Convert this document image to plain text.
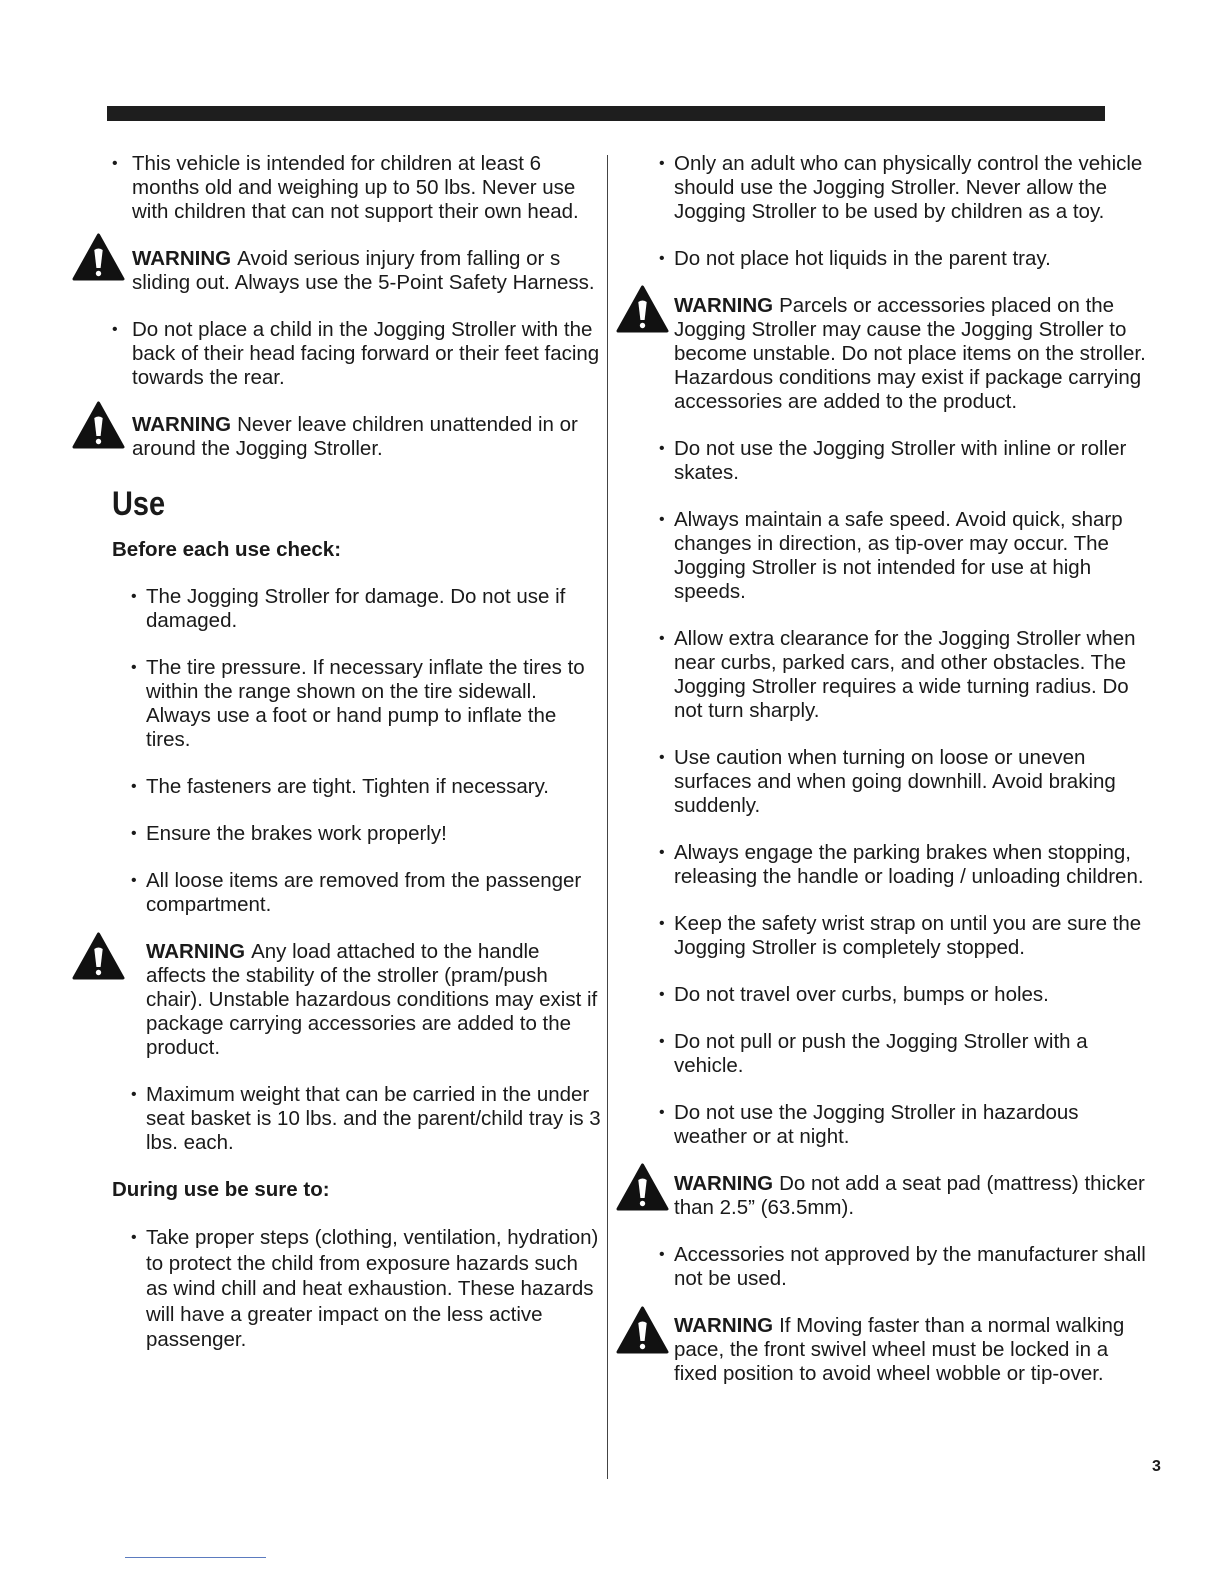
• This vehicle is intended for children at least 6 months old and weighing up to 50 lbs. Never use with children that can not support their own head.

WARNING Avoid serious injury from falling or s sliding out. Always use the 5-Point Safety Harness.

• Do not place a child in the Jogging Stroller with the back of their head facing forward or their feet facing towards the rear.

WARNING Never leave children unattended in or around the Jogging Stroller.
Use
Before each use check:

• The Jogging Stroller for damage. Do not use if damaged.

• The tire pressure. If necessary inflate the tires to within the range shown on the tire sidewall. Always use a foot or hand pump to inflate the tires.

• The fasteners are tight. Tighten if necessary.

• Ensure the brakes work properly!

• All loose items are removed from the passenger compartment.

WARNING Any load attached to the handle affects the stability of the stroller (pram/push chair). Unstable hazardous conditions may exist if package carrying accessories are added to the product.

• Maximum weight that can be carried in the under seat basket is 10 lbs. and the parent/child tray is 3 lbs. each.

During use be sure to:

• Take proper steps (clothing, ventilation, hydration) to protect the child from exposure hazards such as wind chill and heat exhaustion. These hazards will have a greater impact on the less active passenger.

• Only an adult who can physically control the vehicle should use the Jogging Stroller. Never allow the Jogging Stroller to be used by children as a toy.

• Do not place hot liquids in the parent tray.

WARNING Parcels or accessories placed on the Jogging Stroller may cause the Jogging Stroller to become unstable. Do not place items on the stroller. Hazardous conditions may exist if package carrying accessories are added to the product.

• Do not use the Jogging Stroller with inline or roller skates.

• Always maintain a safe speed. Avoid quick, sharp changes in direction, as tip-over may occur. The Jogging Stroller is not intended for use at high speeds.

• Allow extra clearance for the Jogging Stroller when near curbs, parked cars, and other obstacles. The Jogging Stroller requires a wide turning radius. Do not turn sharply.

• Use caution when turning on loose or uneven surfaces and when going downhill. Avoid braking suddenly.

• Always engage the parking brakes when stopping, releasing the handle or loading / unloading children.

• Keep the safety wrist strap on until you are sure the Jogging Stroller is completely stopped.

• Do not travel over curbs, bumps or holes.

• Do not pull or push the Jogging Stroller with a vehicle.

• Do not use the Jogging Stroller in hazardous weather or at night.

WARNING Do not add a seat pad (mattress) thicker than 2.5” (63.5mm).

• Accessories not approved by the manufacturer shall not be used.

WARNING If Moving faster than a normal walking pace, the front swivel wheel must be locked in a fixed position to avoid wheel wobble or tip-over.
3
